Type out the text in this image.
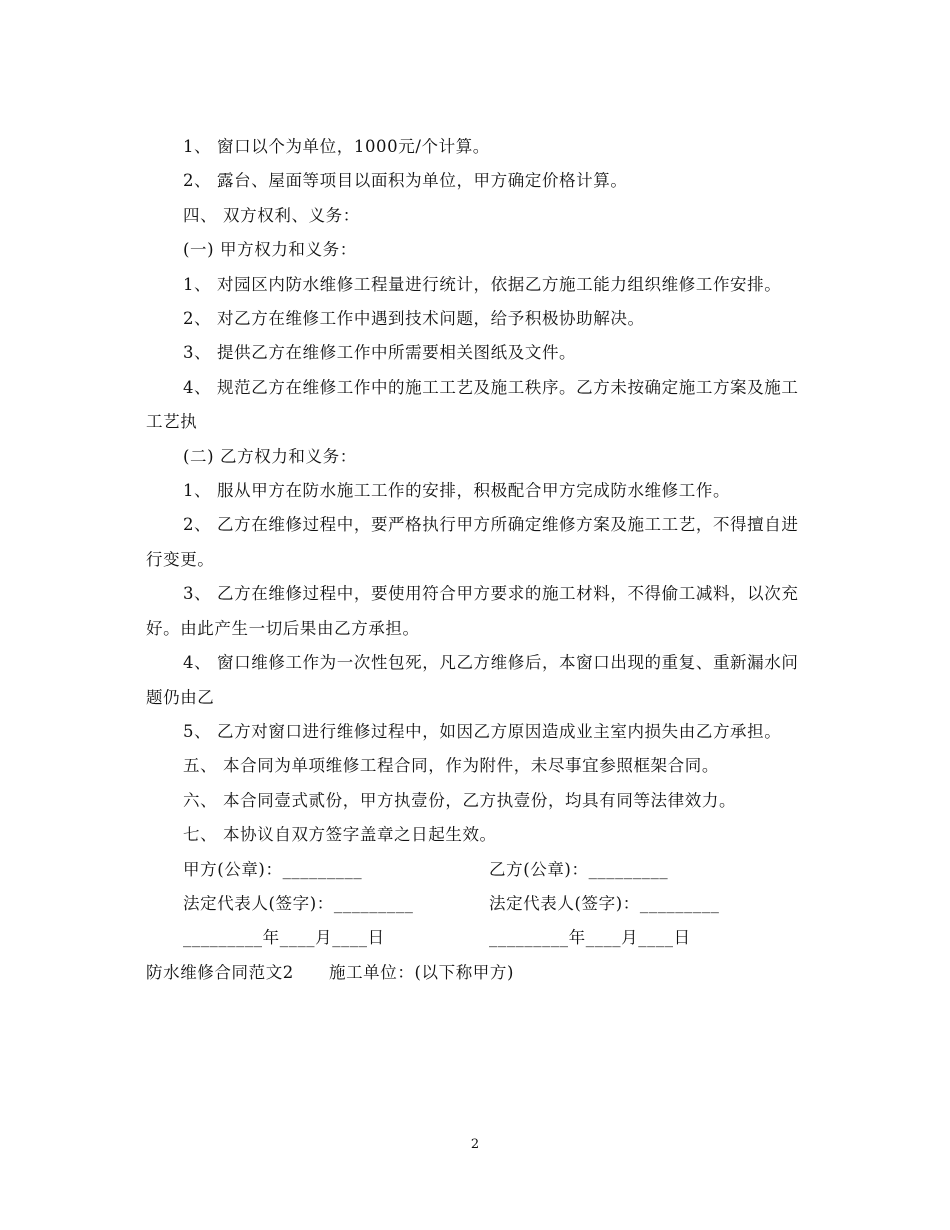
1、 窗口以个为单位，1000元/个计算。

2、 露台、屋面等项目以面积为单位，甲方确定价格计算。

四、 双方权利、义务：

(一) 甲方权力和义务：

1、 对园区内防水维修工程量进行统计，依据乙方施工能力组织维修工作安排。

2、 对乙方在维修工作中遇到技术问题，给予积极协助解决。

3、 提供乙方在维修工作中所需要相关图纸及文件。

4、 规范乙方在维修工作中的施工工艺及施工秩序。乙方未按确定施工方案及施工工艺执

(二) 乙方权力和义务：

1、 服从甲方在防水施工工作的安排，积极配合甲方完成防水维修工作。

2、 乙方在维修过程中，要严格执行甲方所确定维修方案及施工工艺，不得擅自进行变更。

3、 乙方在维修过程中，要使用符合甲方要求的施工材料，不得偷工减料，以次充好。由此产生一切后果由乙方承担。

4、 窗口维修工作为一次性包死，凡乙方维修后，本窗口出现的重复、重新漏水问题仍由乙

5、 乙方对窗口进行维修过程中，如因乙方原因造成业主室内损失由乙方承担。

五、 本合同为单项维修工程合同，作为附件，未尽事宜参照框架合同。

六、 本合同壹式贰份，甲方执壹份，乙方执壹份，均具有同等法律效力。

七、 本协议自双方签字盖章之日起生效。

甲方(公章)：_________	乙方(公章)：_________
法定代表人(签字)：_________	法定代表人(签字)：_________
_________年____月____日	_________年____月____日

防水维修合同范文2      施工单位：(以下称甲方)

2
